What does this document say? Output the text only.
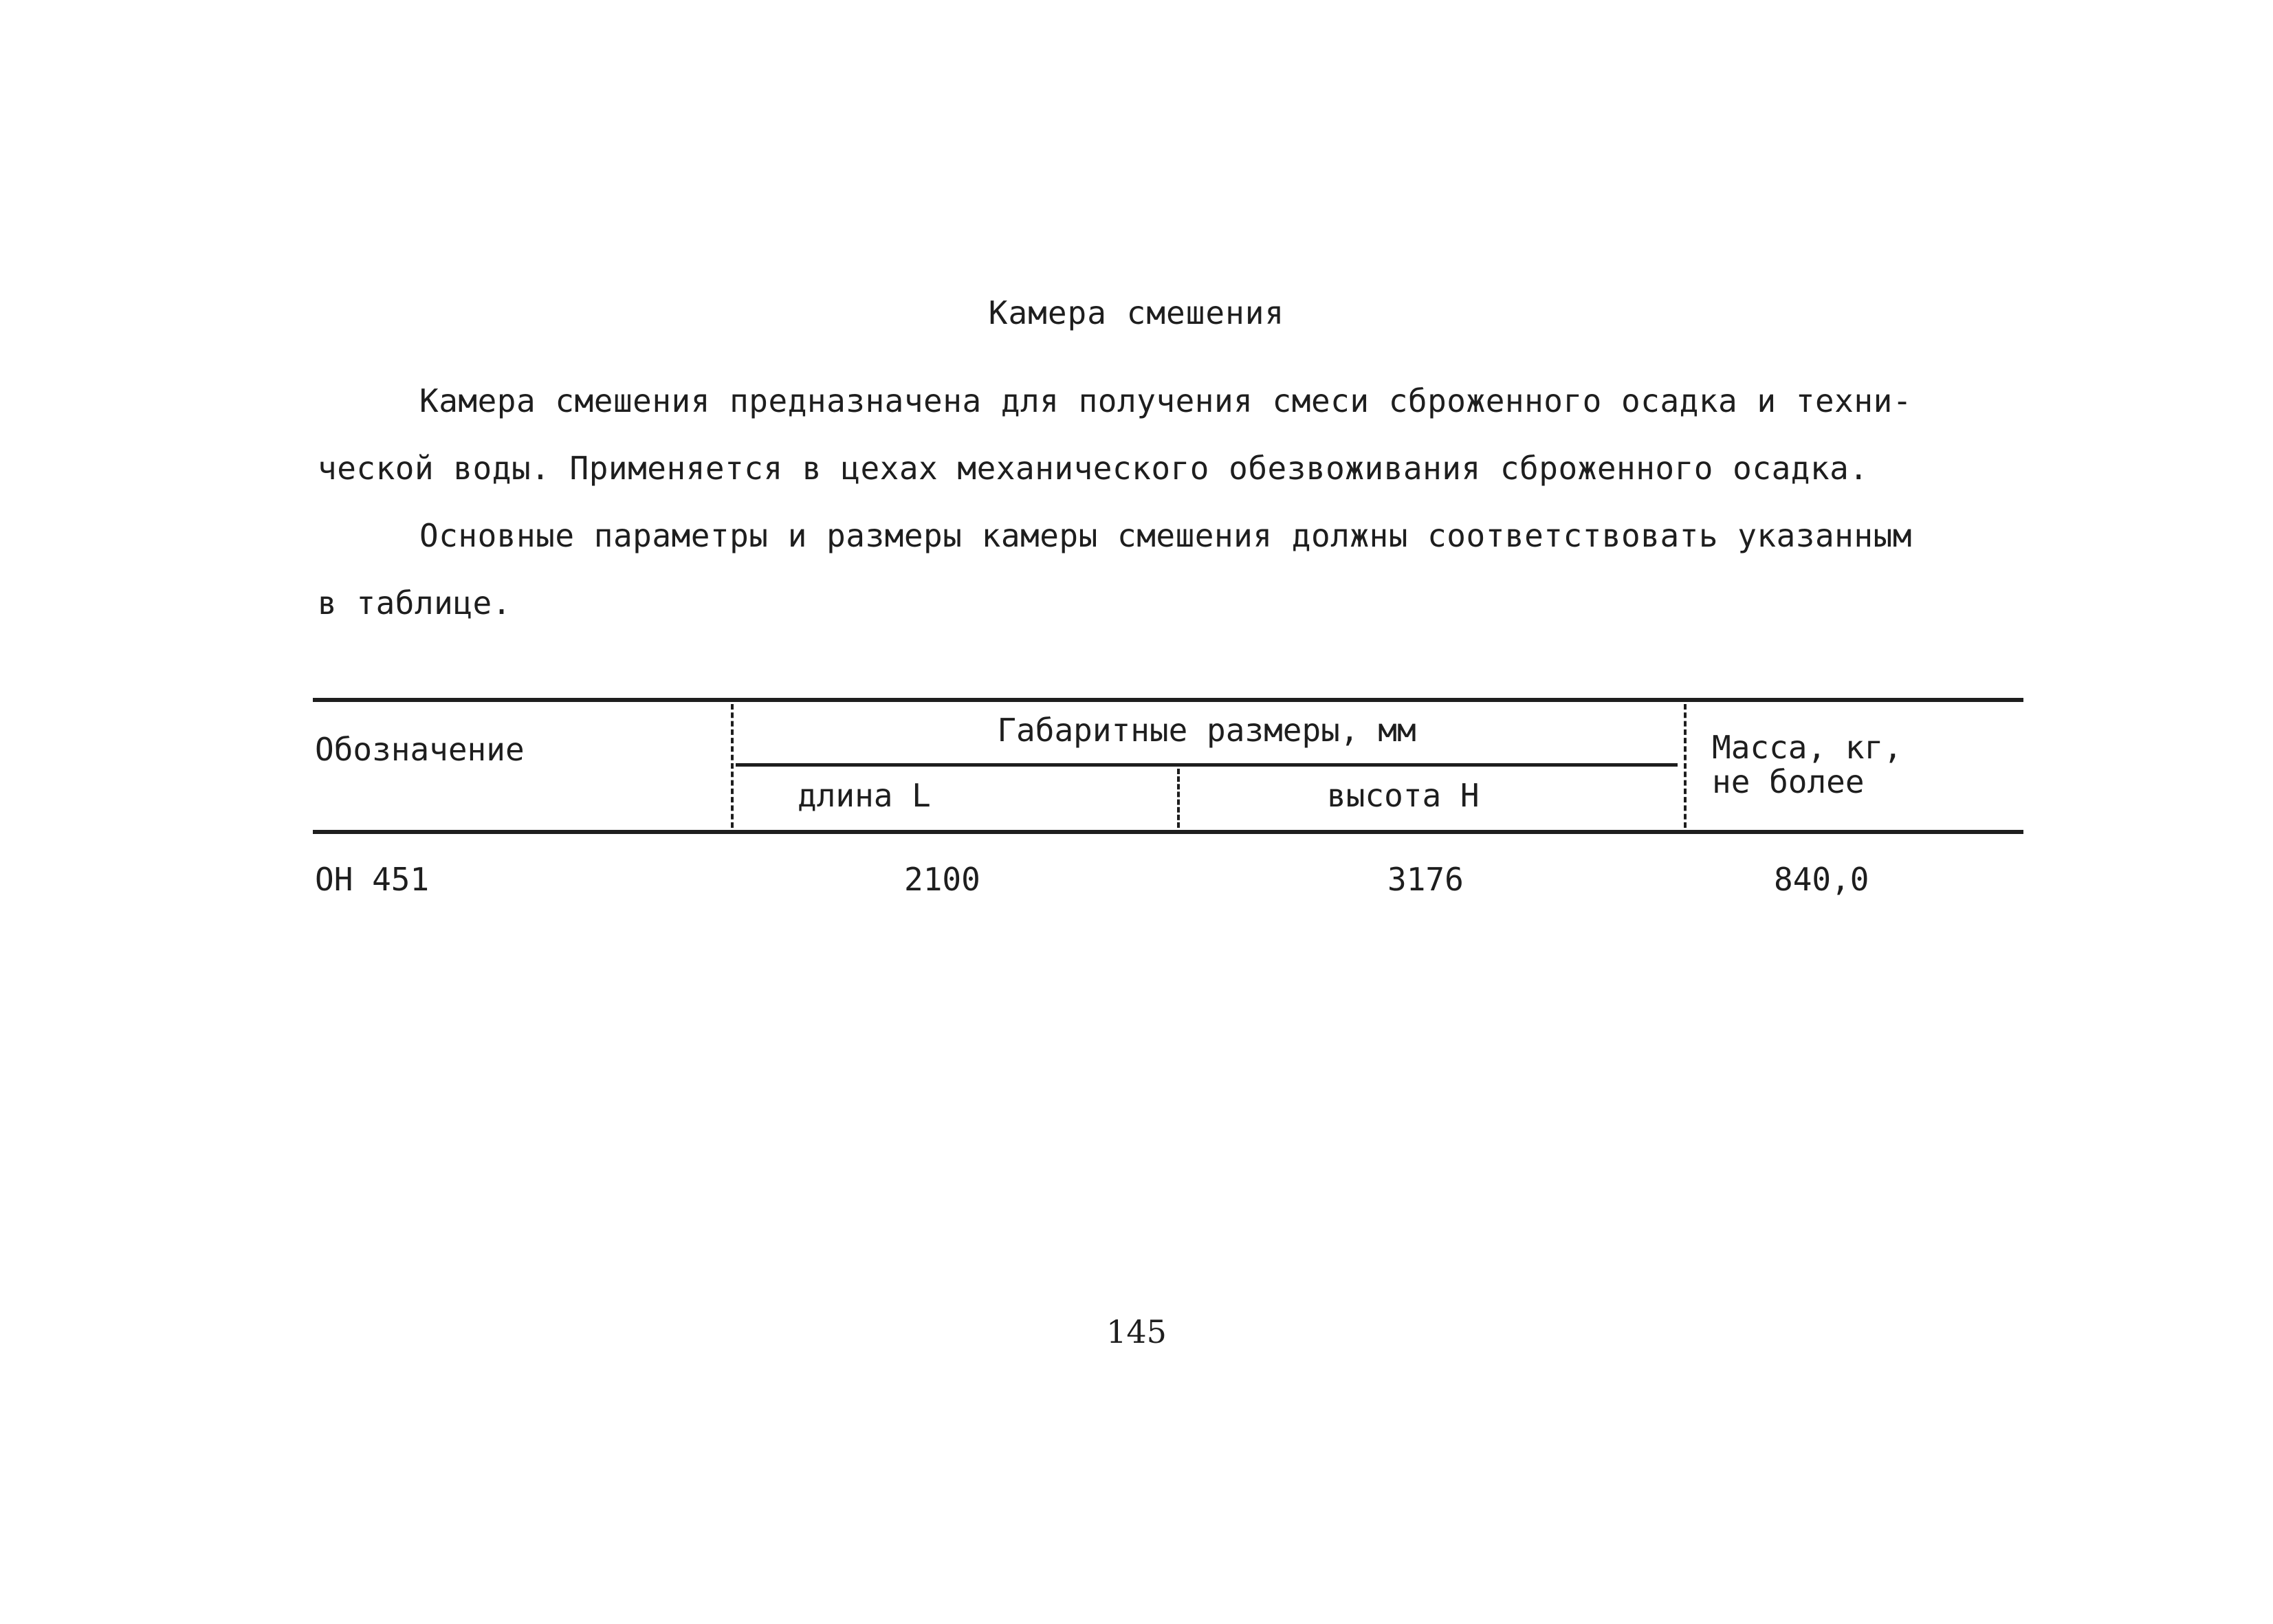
Камера смешения
Камера смешения предназначена для получения смеси сброженного осадка и техни-
ческой воды. Применяется в цехах механического обезвоживания сброженного осадка.
Основные параметры и размеры камеры смешения должны соответствовать указанным
в таблице.
Обозначение
Габаритные размеры, мм
длина L	высота H
Масса, кг,
не более
ОН 451	2100	3176	840,0
145
